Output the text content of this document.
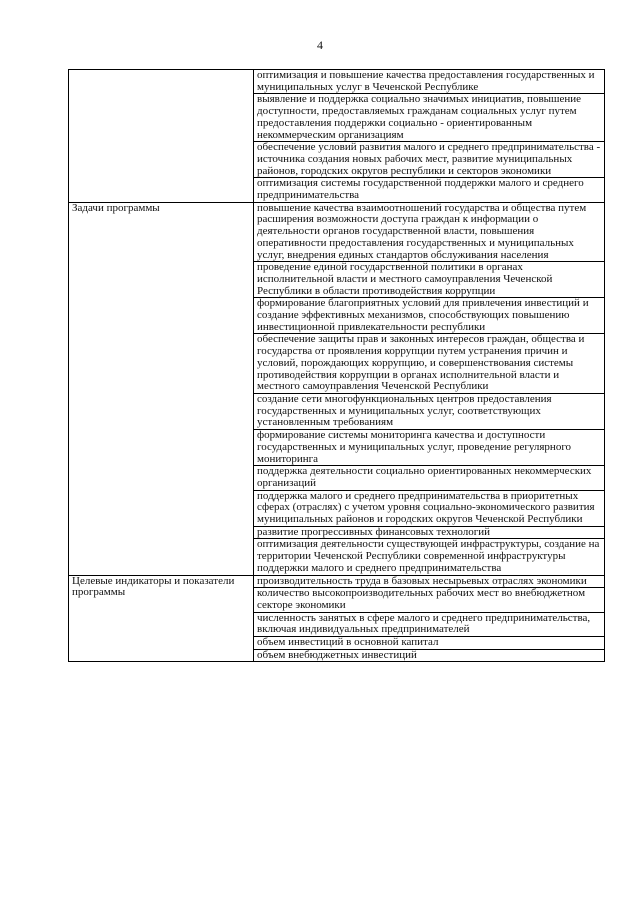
4
	оптимизация и повышение качества предоставления государственных и муниципальных услуг в Чеченской Республике
	выявление и поддержка социально значимых инициатив, повышение доступности, предоставляемых гражданам социальных услуг путем предоставления поддержки социально - ориентированным некоммерческим организациям
	обеспечение условий развития малого и среднего предпринимательства - источника создания новых рабочих мест, развитие муниципальных районов, городских округов республики и секторов экономики
	оптимизация системы государственной поддержки малого и среднего предпринимательства
Задачи программы	повышение качества взаимоотношений государства и общества путем расширения возможности доступа граждан к информации о деятельности органов государственной власти, повышения оперативности предоставления государственных и муниципальных услуг, внедрения единых стандартов обслуживания населения
	проведение единой государственной политики в органах исполнительной власти и местного самоуправления Чеченской Республики в области противодействия коррупции
	формирование благоприятных условий для привлечения инвестиций и создание эффективных механизмов, способствующих повышению инвестиционной привлекательности республики
	обеспечение защиты прав и законных интересов граждан, общества и государства от проявления коррупции путем устранения причин и условий, порождающих коррупцию, и совершенствования системы противодействия коррупции в органах исполнительной власти и местного самоуправления Чеченской Республики
	создание сети многофункциональных центров предоставления государственных и муниципальных услуг, соответствующих установленным требованиям
	формирование системы мониторинга качества и доступности государственных и муниципальных услуг, проведение регулярного мониторинга
	поддержка деятельности социально ориентированных некоммерческих организаций
	поддержка малого и среднего предпринимательства в приоритетных сферах (отраслях) с учетом уровня социально-экономического развития муниципальных районов и городских округов Чеченской Республики
	развитие прогрессивных финансовых технологий
	оптимизация деятельности существующей инфраструктуры, создание на территории Чеченской Республики современной инфраструктуры поддержки малого и среднего предпринимательства
Целевые индикаторы и показатели программы	производительность труда в базовых несырьевых отраслях экономики
	количество высокопроизводительных рабочих мест во внебюджетном секторе экономики
	численность занятых в сфере малого и среднего предпринимательства, включая индивидуальных предпринимателей
	объем инвестиций в основной капитал
	объем внебюджетных инвестиций
